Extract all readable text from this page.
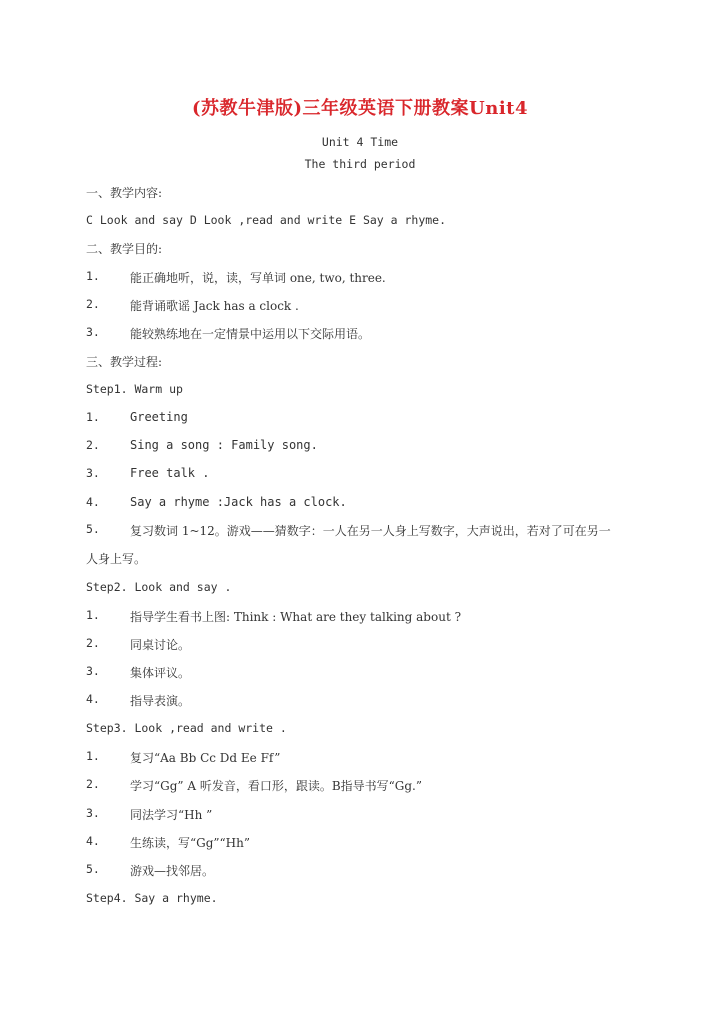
(苏教牛津版)三年级英语下册教案Unit4
Unit 4 Time
The third period
一、教学内容:
C Look and say D Look ,read and write E Say a rhyme.
二、教学目的:
1.	能正确地听，说，读，写单词 one, two, three.
2.	能背诵歌谣 Jack has a clock .
3.	能较熟练地在一定情景中运用以下交际用语。
三、教学过程:
Step1. Warm up
1.	Greeting
2.	Sing a song : Family song.
3.	Free talk .
4.	Say a rhyme :Jack has a clock.
5.	复习数词 1~12。游戏——猜数字：一人在另一人身上写数字，大声说出，若对了可在另一
人身上写。
Step2. Look and say .
1.	指导学生看书上图: Think : What are they talking about ?
2.	同桌讨论。
3.	集体评议。
4.	指导表演。
Step3. Look ,read and write .
1.	复习“Aa Bb Cc Dd Ee Ff”
2.	学习“Gg” A 听发音，看口形，跟读。B指导书写“Gg.”
3.	同法学习“Hh ”
4.	生练读，写“Gg”“Hh”
5.	游戏—找邻居。
Step4. Say a rhyme.
